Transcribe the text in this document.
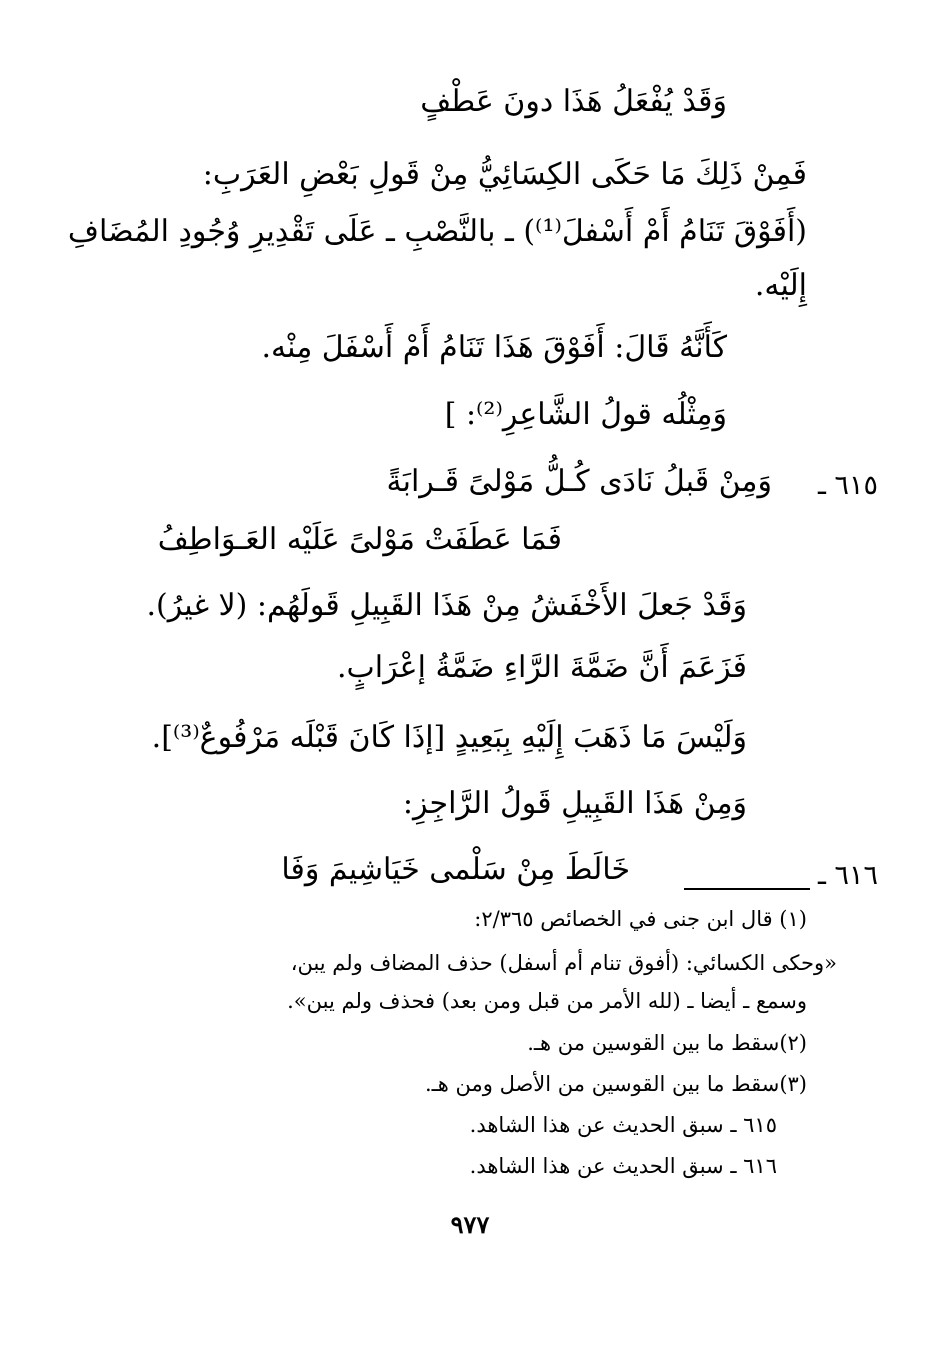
وَقَدْ يُفْعَلُ هَذَا دونَ عَطْفٍ
فَمِنْ ذَلِكَ مَا حَكَى الكِسَائِيُّ مِنْ قَولِ بَعْضِ العَرَبِ:
(أَفَوْقَ تَنَامُ أَمْ أَسْفلَ⁽¹⁾) ـ بالنَّصْبِ ـ عَلَى تَقْدِيرِ وُجُودِ المُضَافِ
إِلَيْه.
كَأَنَّهُ قَالَ: أَفَوْقَ هَذَا تَنَامُ أَمْ أَسْفَلَ مِنْه.
وَمِثْلُه قولُ الشَّاعِرِ⁽²⁾: ]
٦١٥ ـ
وَمِنْ قَبلُ نَادَى كُـلُّ مَوْلىً قَـرابَةً
فَمَا عَطَفَتْ مَوْلىً عَلَيْه العَـوَاطِفُ
وَقَدْ جَعلَ الأَخْفَشُ مِنْ هَذَا القَبِيلِ قَولَهُم: (لا غيرُ).
فَزَعَمَ أَنَّ ضَمَّةَ الرَّاءِ ضَمَّةُ إعْرَابٍ.
وَلَيْسَ مَا ذَهَبَ إِلَيْهِ بِبَعِيدٍ [إذَا كَانَ قَبْلَه مَرْفُوعٌ⁽³⁾].
وَمِنْ هَذَا القَبِيلِ قَولُ الرَّاجِزِ:
٦١٦ ـ
خَالَطَ مِنْ سَلْمى خَيَاشِيمَ وَفَا
(١) قال ابن جنى في الخصائص ٢/٣٦٥:
«وحكى الكسائي: (أفوق تنام أم أسفل) حذف المضاف ولم يبن،
وسمع ـ أيضا ـ (لله الأمر من قبل ومن بعد) فحذف ولم يبن».
(٢)سقط ما بين القوسين من هـ.
(٣)سقط ما بين القوسين من الأصل ومن هـ.
٦١٥ ـ سبق الحديث عن هذا الشاهد.
٦١٦ ـ سبق الحديث عن هذا الشاهد.
٩٧٧
